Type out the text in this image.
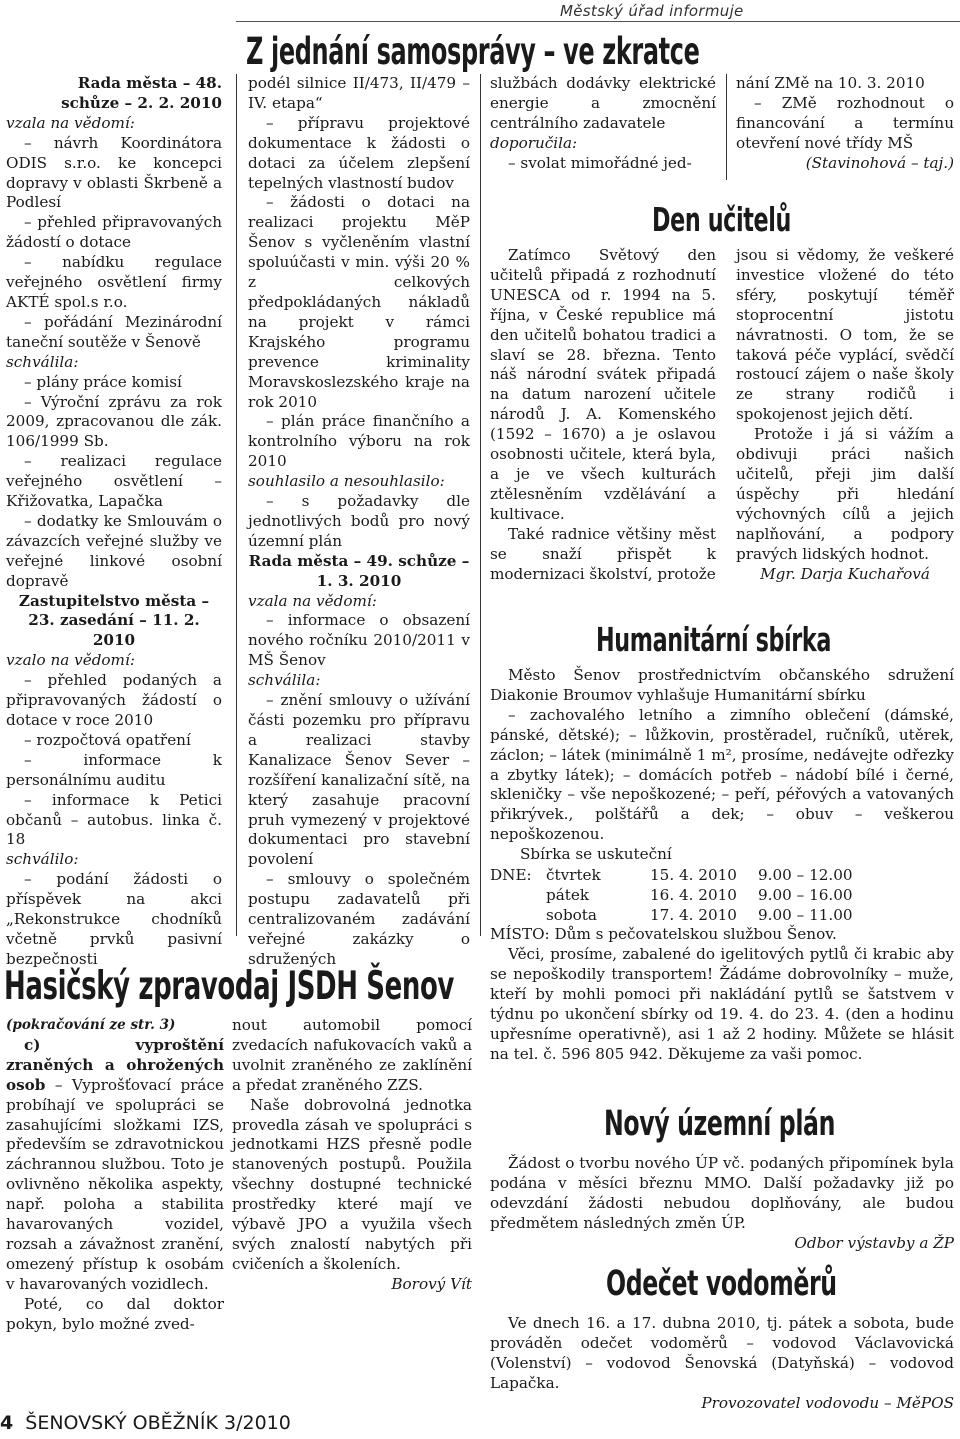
Městský úřad informuje
Z jednání samosprávy – ve zkratce

Rada města – 48. schůze – 2. 2. 2010

vzala na vědomí:

– návrh Koordinátora ODIS s.r.o. ke koncepci dopravy v oblasti Škrbeně a Podlesí

– přehled připravovaných žádostí o dotace

– nabídku regulace veřejného osvětlení firmy AKTÉ spol.s r.o.

– pořádání Mezinárodní taneční soutěže v Šenově

schválila:

– plány práce komisí

– Výroční zprávu za rok 2009, zpracovanou dle zák. 106/1999 Sb.

– realizaci regulace veřejného osvětlení – Křižovatka, Lapačka

– dodatky ke Smlouvám o závazcích veřejné služby ve veřejné linkové osobní dopravě

Zastupitelstvo města – 23. zasedání – 11. 2. 2010

vzalo na vědomí:

– přehled podaných a připravovaných žádostí o dotace v roce 2010

– rozpočtová opatření

– informace k personálnímu auditu

– informace k Petici občanů – autobus. linka č. 18

schválilo:

– podání žádosti o příspěvek na akci „Rekonstrukce chodníků včetně prvků pasivní bezpečnosti

podél silnice II/473, II/479 – IV. etapa“

– přípravu projektové dokumentace k žádosti o dotaci za účelem zlepšení tepelných vlastností budov

– žádosti o dotaci na realizaci projektu MěP Šenov s vyčleněním vlastní spoluúčasti v min. výši 20 % z celkových předpokládaných nákladů na projekt v rámci Krajského programu prevence kriminality Moravskoslezského kraje na rok 2010

– plán práce finančního a kontrolního výboru na rok 2010

souhlasilo a nesouhlasilo:

– s požadavky dle jednotlivých bodů pro nový územní plán

Rada města – 49. schůze – 1. 3. 2010

vzala na vědomí:

– informace o obsazení nového ročníku 2010/2011 v MŠ Šenov

schválila:

– znění smlouvy o užívání části pozemku pro přípravu a realizaci stavby Kanalizace Šenov Sever – rozšíření kanalizační sítě, na který zasahuje pracovní pruh vymezený v projektové dokumentaci pro stavební povolení

– smlouvy o společném postupu zadavatelů při centralizovaném zadávání veřejné zakázky o sdružených

službách dodávky elektrické energie a zmocnění centrálního zadavatele

doporučila:

– svolat mimořádné jed-

nání ZMě na 10. 3. 2010

– ZMě rozhodnout o financování a termínu otevření nové třídy MŠ

(Stavinohová – taj.)

Den učitelů

Zatímco Světový den učitelů připadá z rozhodnutí UNESCA od r. 1994 na 5. října, v České republice má den učitelů bohatou tradici a slaví se 28. března. Tento náš národní svátek připadá na datum narození učitele národů J. A. Komenského (1592 – 1670) a je oslavou osobnosti učitele, která byla, a je ve všech kulturách ztělesněním vzdělávání a kultivace.

Také radnice většiny měst se snaží přispět k modernizaci školství, protože

jsou si vědomy, že veškeré investice vložené do této sféry, poskytují téměř stoprocentní jistotu návratnosti. O tom, že se taková péče vyplácí, svědčí rostoucí zájem o naše školy ze strany rodičů i spokojenost jejich dětí.

Protože i já si vážím a obdivuji práci našich učitelů, přeji jim další úspěchy při hledání výchovných cílů a jejich naplňování, a podpory pravých lidských hodnot.

Mgr. Darja Kuchařová

Humanitární sbírka

Město Šenov prostřednictvím občanského sdružení Diakonie Broumov vyhlašuje Humanitární sbírku

– zachovalého letního a zimního oblečení (dámské, pánské, dětské); – lůžkovin, prostěradel, ručníků, utěrek, záclon; – látek (minimálně 1 m², prosíme, nedávejte odřezky a zbytky látek); – domácích potřeb – nádobí bílé i černé, skleničky – vše nepoškozené; – peří, péřových a vatovaných přikrývek., polštářů a dek; – obuv – veškerou nepoškozenou.

Sbírka se uskuteční

DNE:	čtvrtek	15. 4. 2010	9.00 – 12.00
	pátek	16. 4. 2010	9.00 – 16.00
	sobota	17. 4. 2010	9.00 – 11.00

MÍSTO: Dům s pečovatelskou službou Šenov.

Věci, prosíme, zabalené do igelitových pytlů či krabic aby se nepoškodily transportem! Žádáme dobrovolníky – muže, kteří by mohli pomoci při nakládání pytlů se šatstvem v týdnu po ukončení sbírky od 19. 4. do 23. 4. (den a hodinu upřesníme operativně), asi 1 až 2 hodiny. Můžete se hlásit na tel. č. 596 805 942. Děkujeme za vaši pomoc.

Nový územní plán

Žádost o tvorbu nového ÚP vč. podaných připomínek byla podána v měsíci březnu MMO. Další požadavky již po odevzdání žádosti nebudou doplňovány, ale budou předmětem následných změn ÚP.

Odbor výstavby a ŽP

Odečet vodoměrů

Ve dnech 16. a 17. dubna 2010, tj. pátek a sobota, bude prováděn odečet vodoměrů – vodovod Václavovická (Volenství) – vodovod Šenovská (Datyňská) – vodovod Lapačka.

Provozovatel vodovodu – MěPOS

Hasičský zpravodaj JSDH Šenov

(pokračování ze str. 3)

c) vyproštění zraněných a ohrožených osob – Vyprošťovací práce probíhají ve spolupráci se zasahujícími složkami IZS, především se zdravotnickou záchrannou službou. Toto je ovlivněno několika aspekty, např. poloha a stabilita havarovaných vozidel, rozsah a závažnost zranění, omezený přístup k osobám v havarovaných vozidlech.

Poté, co dal doktor pokyn, bylo možné zved-

nout automobil pomocí zvedacích nafukovacích vaků a uvolnit zraněného ze zaklínění a předat zraněného ZZS.

Naše dobrovolná jednotka provedla zásah ve spolupráci s jednotkami HZS přesně podle stanovených postupů. Použila všechny dostupné technické prostředky které mají ve výbavě JPO a využila všech svých znalostí nabytých při cvičeních a školeních.

Borový Vít

4 ŠENOVSKÝ OBĚŽNÍK 3/2010
